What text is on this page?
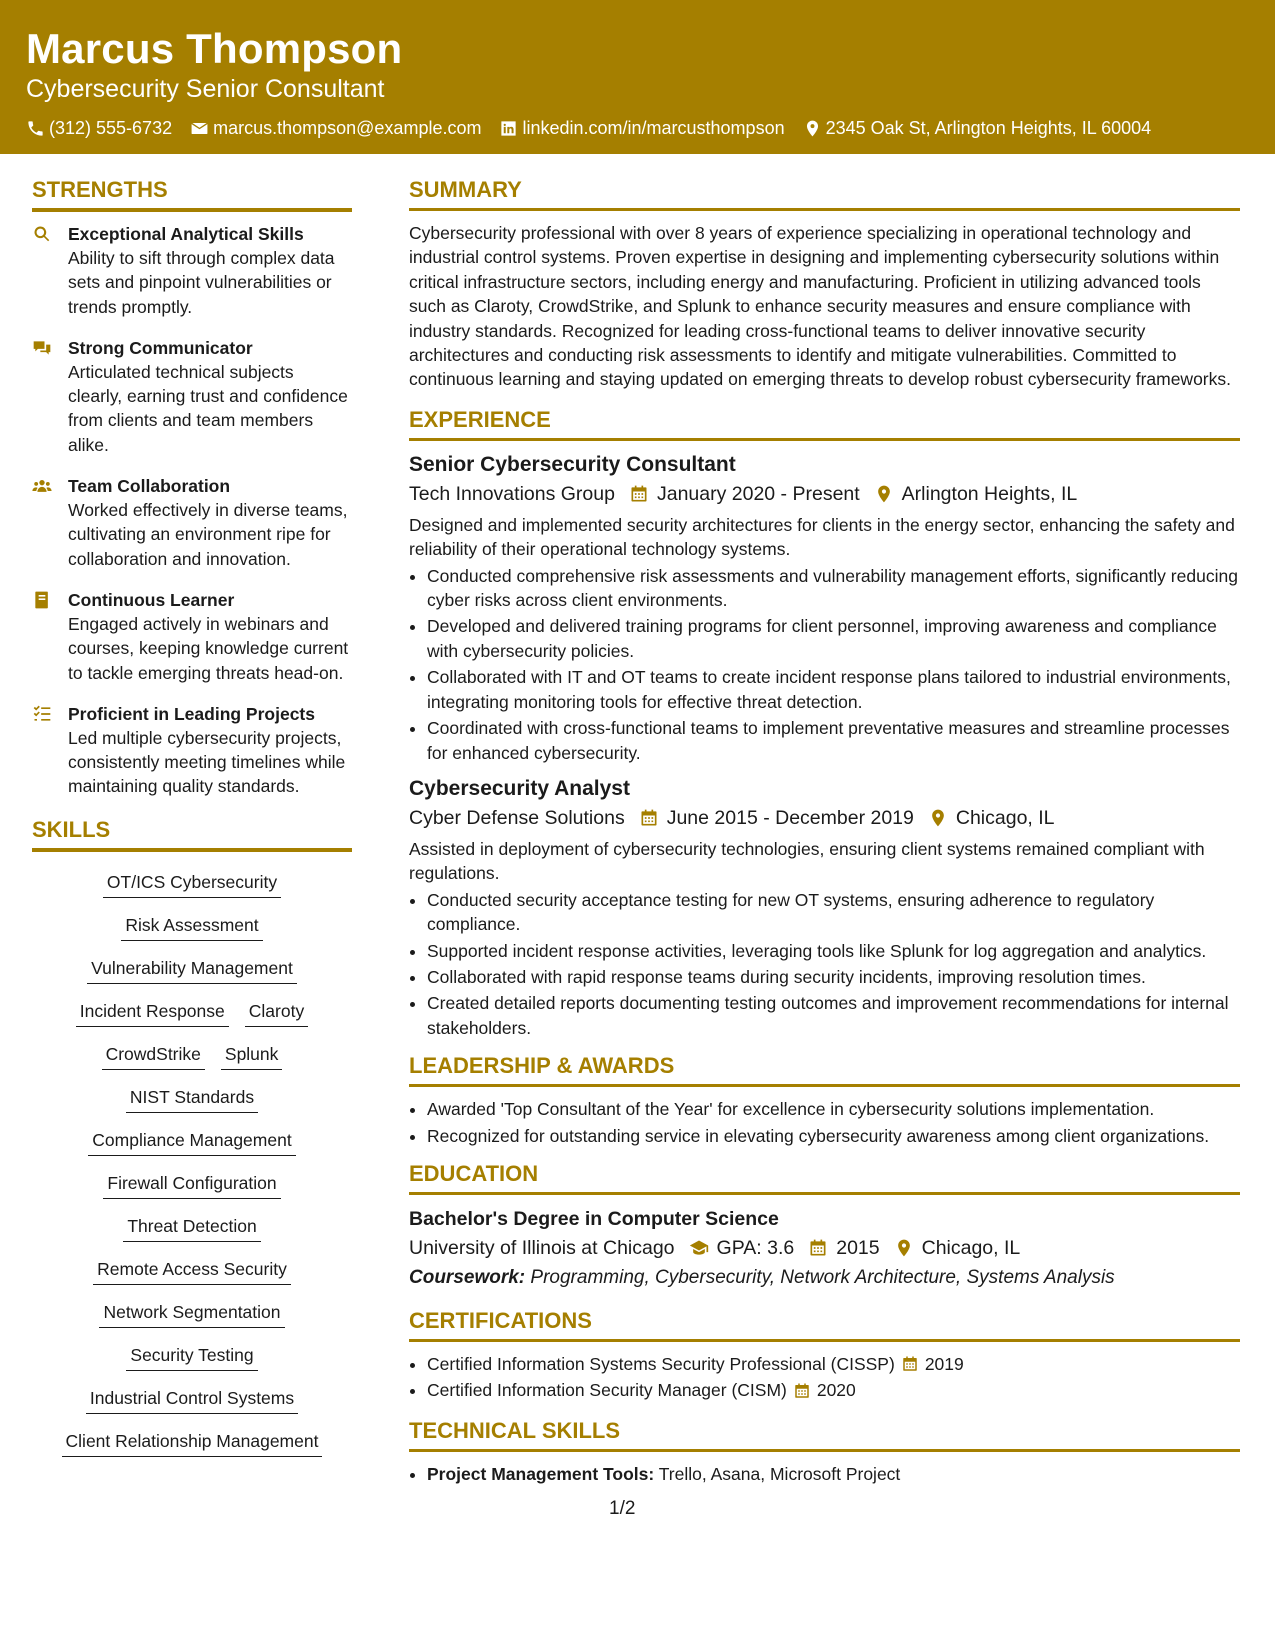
Marcus Thompson
Cybersecurity Senior Consultant
(312) 555-6732 marcus.thompson@example.com linkedin.com/in/marcusthompson 2345 Oak St, Arlington Heights, IL 60004
STRENGTHS
Exceptional Analytical Skills
Ability to sift through complex data sets and pinpoint vulnerabilities or trends promptly.
Strong Communicator
Articulated technical subjects clearly, earning trust and confidence from clients and team members alike.
Team Collaboration
Worked effectively in diverse teams, cultivating an environment ripe for collaboration and innovation.
Continuous Learner
Engaged actively in webinars and courses, keeping knowledge current to tackle emerging threats head-on.
Proficient in Leading Projects
Led multiple cybersecurity projects, consistently meeting timelines while maintaining quality standards.
SKILLS
OT/ICS Cybersecurity
Risk Assessment
Vulnerability Management
Incident Response Claroty
CrowdStrike Splunk
NIST Standards
Compliance Management
Firewall Configuration
Threat Detection
Remote Access Security
Network Segmentation
Security Testing
Industrial Control Systems
Client Relationship Management
SUMMARY
Cybersecurity professional with over 8 years of experience specializing in operational technology and industrial control systems. Proven expertise in designing and implementing cybersecurity solutions within critical infrastructure sectors, including energy and manufacturing. Proficient in utilizing advanced tools such as Claroty, CrowdStrike, and Splunk to enhance security measures and ensure compliance with industry standards. Recognized for leading cross-functional teams to deliver innovative security architectures and conducting risk assessments to identify and mitigate vulnerabilities. Committed to continuous learning and staying updated on emerging threats to develop robust cybersecurity frameworks.
EXPERIENCE
Senior Cybersecurity Consultant
Tech Innovations Group January 2020 - Present Arlington Heights, IL
Designed and implemented security architectures for clients in the energy sector, enhancing the safety and reliability of their operational technology systems.
• Conducted comprehensive risk assessments and vulnerability management efforts, significantly reducing cyber risks across client environments.
• Developed and delivered training programs for client personnel, improving awareness and compliance with cybersecurity policies.
• Collaborated with IT and OT teams to create incident response plans tailored to industrial environments, integrating monitoring tools for effective threat detection.
• Coordinated with cross-functional teams to implement preventative measures and streamline processes for enhanced cybersecurity.
Cybersecurity Analyst
Cyber Defense Solutions June 2015 - December 2019 Chicago, IL
Assisted in deployment of cybersecurity technologies, ensuring client systems remained compliant with regulations.
• Conducted security acceptance testing for new OT systems, ensuring adherence to regulatory compliance.
• Supported incident response activities, leveraging tools like Splunk for log aggregation and analytics.
• Collaborated with rapid response teams during security incidents, improving resolution times.
• Created detailed reports documenting testing outcomes and improvement recommendations for internal stakeholders.
LEADERSHIP & AWARDS
• Awarded 'Top Consultant of the Year' for excellence in cybersecurity solutions implementation.
• Recognized for outstanding service in elevating cybersecurity awareness among client organizations.
EDUCATION
Bachelor's Degree in Computer Science
University of Illinois at Chicago GPA: 3.6 2015 Chicago, IL
Coursework: Programming, Cybersecurity, Network Architecture, Systems Analysis
CERTIFICATIONS
• Certified Information Systems Security Professional (CISSP) 2019
• Certified Information Security Manager (CISM) 2020
TECHNICAL SKILLS
• Project Management Tools: Trello, Asana, Microsoft Project
1/2
